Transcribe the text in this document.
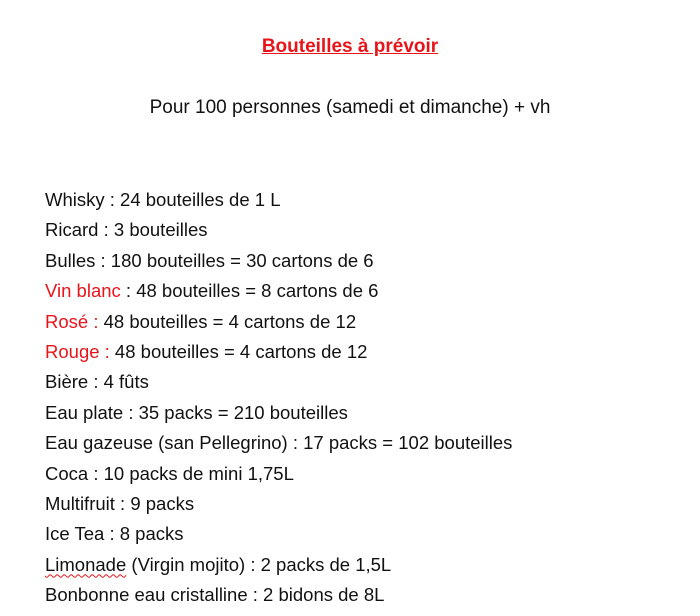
Bouteilles à prévoir
Pour 100 personnes (samedi et dimanche) + vh
Whisky : 24 bouteilles de 1 L
Ricard : 3 bouteilles
Bulles : 180 bouteilles = 30 cartons de 6
Vin blanc : 48 bouteilles = 8 cartons de 6
Rosé : 48 bouteilles = 4 cartons de 12
Rouge : 48 bouteilles = 4 cartons de 12
Bière : 4 fûts
Eau plate : 35 packs = 210 bouteilles
Eau gazeuse (san Pellegrino) : 17 packs = 102 bouteilles
Coca : 10 packs de mini 1,75L
Multifruit : 9 packs
Ice Tea : 8 packs
Limonade (Virgin mojito) : 2 packs de 1,5L
Bonbonne eau cristalline : 2 bidons de 8L
